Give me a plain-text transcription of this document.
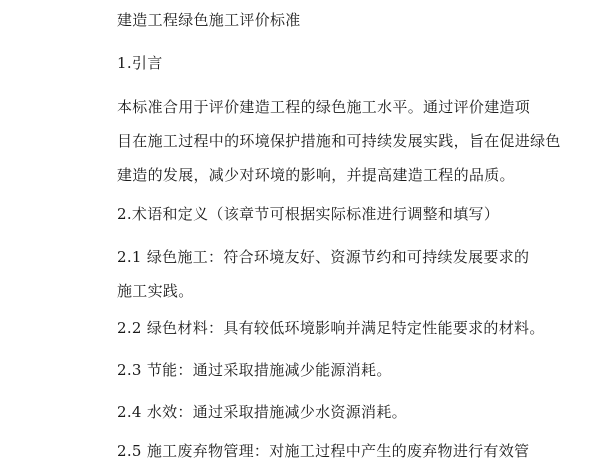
建造工程绿色施工评价标准
1.引言
本标准合用于评价建造工程的绿色施工水平。通过评价建造项
目在施工过程中的环境保护措施和可持续发展实践，旨在促进绿色
建造的发展，减少对环境的影响，并提高建造工程的品质。
2.术语和定义（该章节可根据实际标准进行调整和填写）
2.1 绿色施工：符合环境友好、资源节约和可持续发展要求的
施工实践。
2.2 绿色材料：具有较低环境影响并满足特定性能要求的材料。
2.3 节能：通过采取措施减少能源消耗。
2.4 水效：通过采取措施减少水资源消耗。
2.5 施工废弃物管理：对施工过程中产生的废弃物进行有效管
